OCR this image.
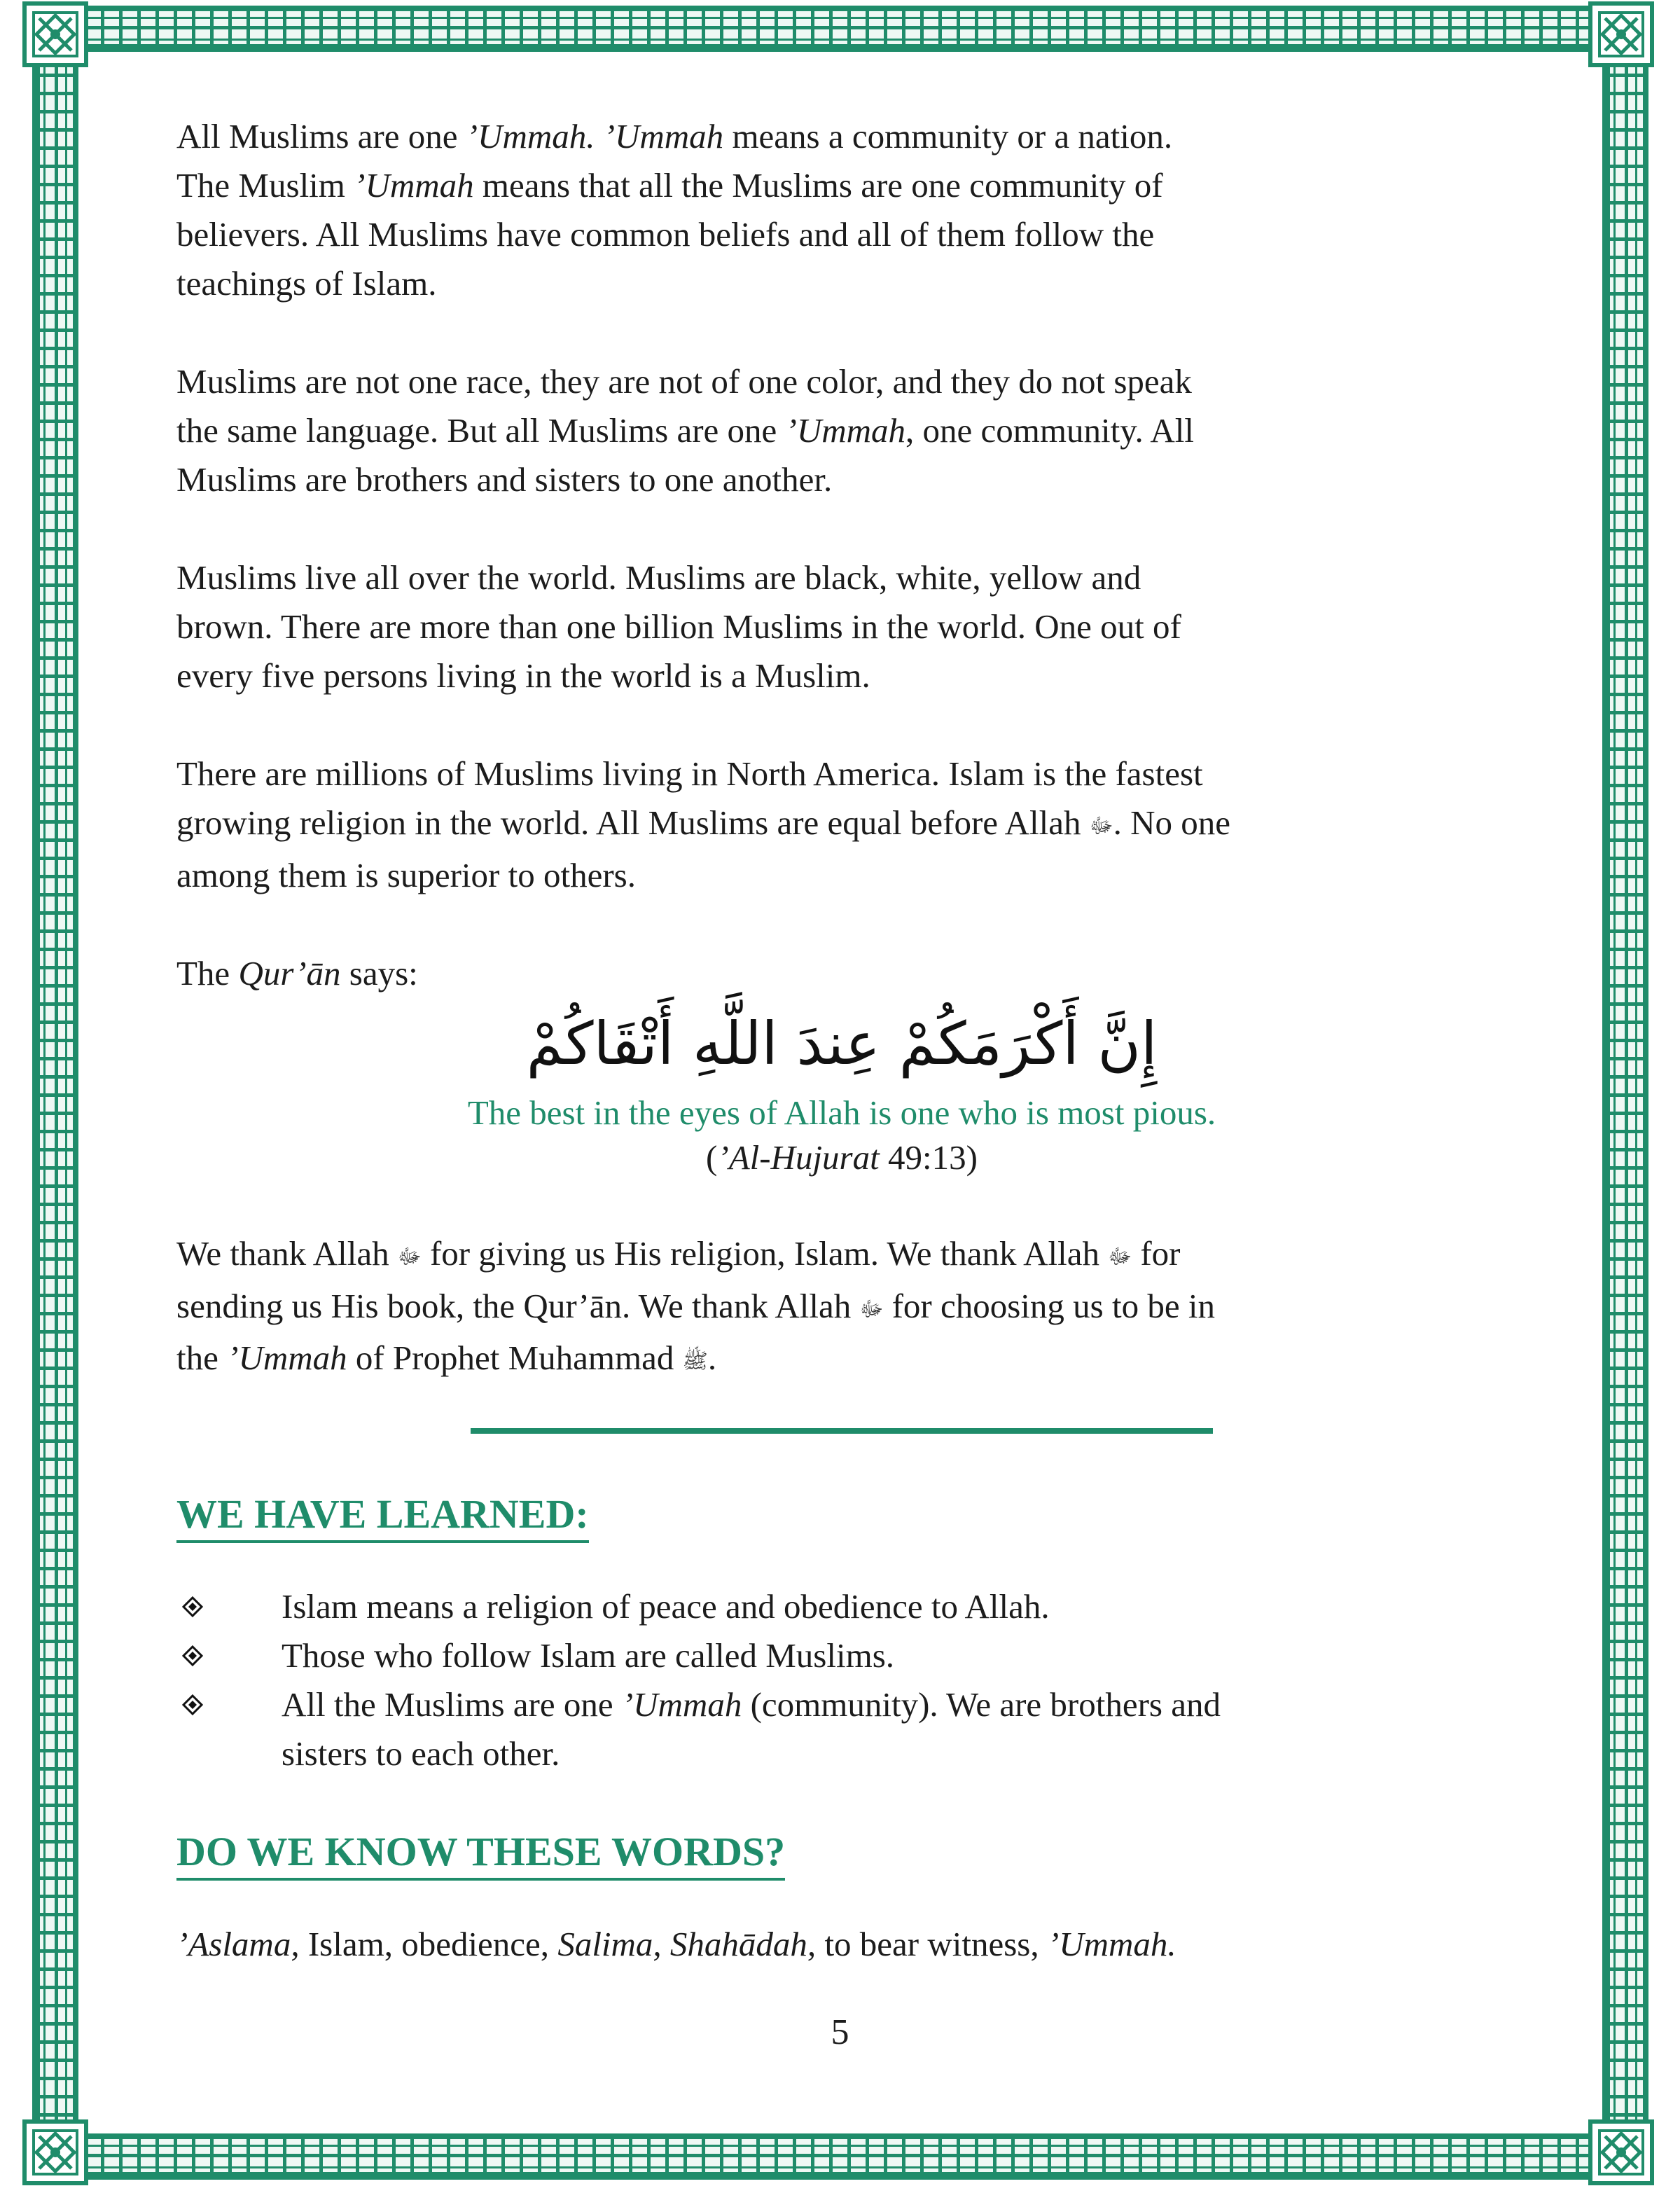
All Muslims are one ’Ummah. ’Ummah means a community or a nation.
The Muslim ’Ummah means that all the Muslims are one community of
believers. All Muslims have common beliefs and all of them follow the
teachings of Islam.

Muslims are not one race, they are not of one color, and they do not speak
the same language. But all Muslims are one ’Ummah, one community. All
Muslims are brothers and sisters to one another.

Muslims live all over the world. Muslims are black, white, yellow and
brown. There are more than one billion Muslims in the world. One out of
every five persons living in the world is a Muslim.

There are millions of Muslims living in North America. Islam is the fastest
growing religion in the world. All Muslims are equal before Allah ﷻ. No one
among them is superior to others.

The Qur’ān says:

إِنَّ أَكْرَمَكُمْ عِندَ اللَّهِ أَتْقَاكُمْ
The best in the eyes of Allah is one who is most pious.
(’Al-Hujurat 49:13)

We thank Allah ﷻ for giving us His religion, Islam. We thank Allah ﷻ for
sending us His book, the Qur’ān. We thank Allah ﷻ for choosing us to be in
the ’Ummah of Prophet Muhammad ﷺ.

WE HAVE LEARNED:
Islam means a religion of peace and obedience to Allah.
Those who follow Islam are called Muslims.
All the Muslims are one ’Ummah (community). We are brothers and
sisters to each other.
DO WE KNOW THESE WORDS?
’Aslama, Islam, obedience, Salima, Shahādah, to bear witness, ’Ummah.
5
